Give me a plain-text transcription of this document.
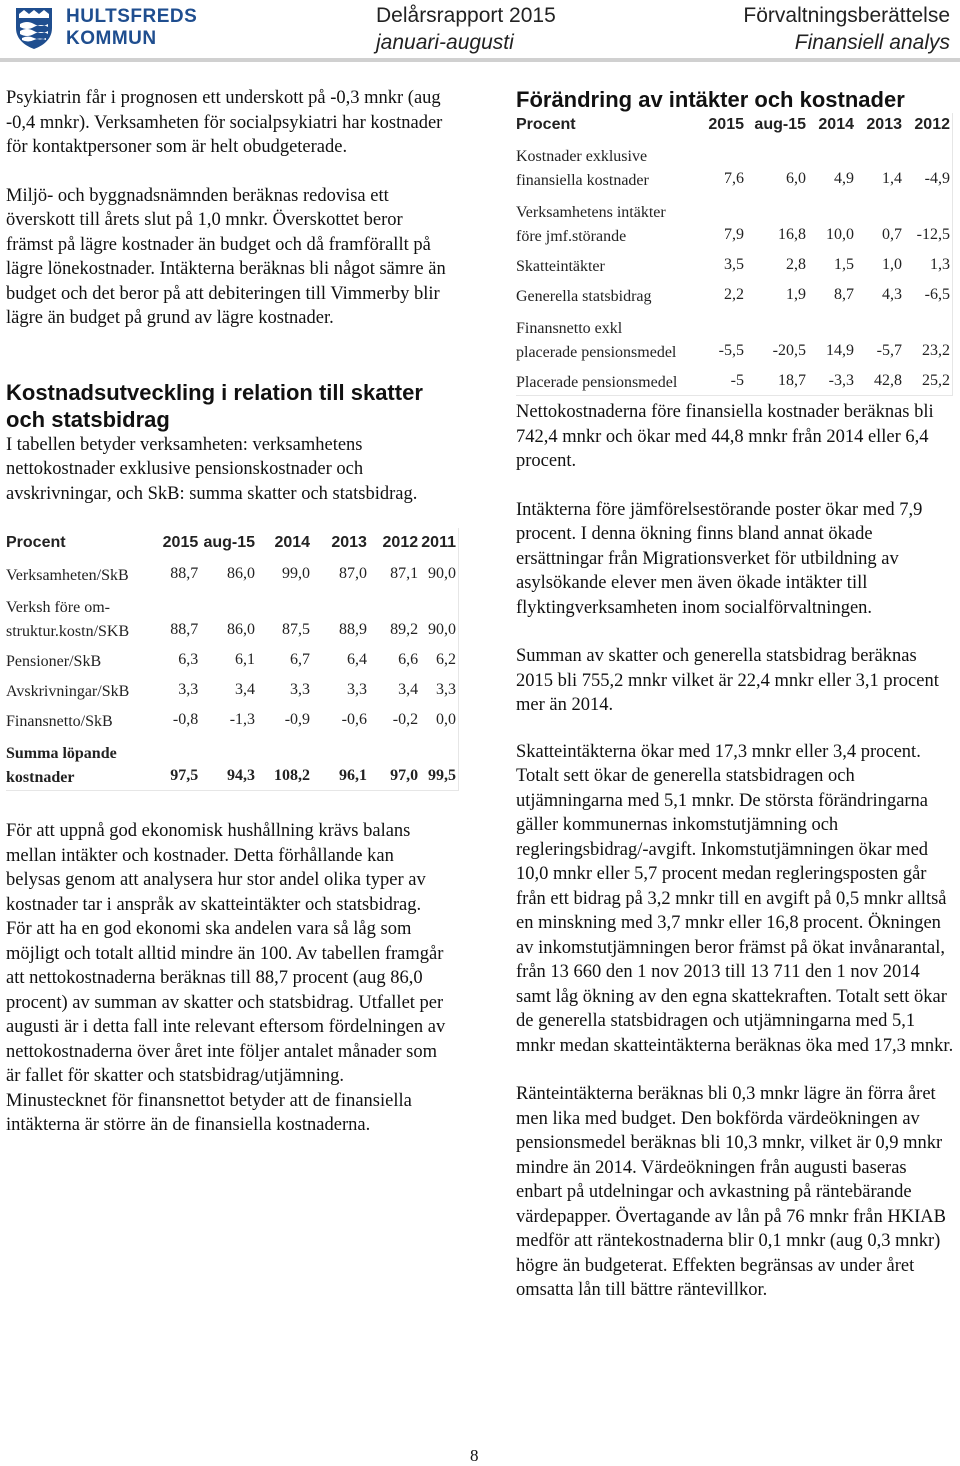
HULTSFREDS
KOMMUN
Delårsrapport 2015
januari-augusti
Förvaltningsberättelse
Finansiell analys

Psykiatrin får i prognosen ett underskott på -0,3 mnkr (aug -0,4 mnkr). Verksamheten för socialpsykiatri har kostnader för kontaktpersoner som är helt obudgeterade.

Miljö- och byggnadsnämnden beräknas redovisa ett överskott till årets slut på 1,0 mnkr. Överskottet beror främst på lägre kostnader än budget och då framförallt på lägre lönekostnader. Intäkterna beräknas bli något sämre än budget och det beror på att debiteringen till Vimmerby blir lägre än budget på grund av lägre kostnader.

Kostnadsutveckling i relation till skatter och statsbidrag

I tabellen betyder verksamheten: verksamhetens nettokostnader exklusive pensionskostnader och avskrivningar, och SkB: summa skatter och statsbidrag.

Procent	2015	aug-15	2014	2013	2012	2011

Verksamheten/SkB	88,7	86,0	99,0	87,0	87,1	90,0

Verksh före om-
struktur.kostn/SKB	88,7	86,0	87,5	88,9	89,2	90,0

Pensioner/SkB	6,3	6,1	6,7	6,4	6,6	6,2

Avskrivningar/SkB	3,3	3,4	3,3	3,3	3,4	3,3

Finansnetto/SkB	-0,8	-1,3	-0,9	-0,6	-0,2	0,0

Summa löpande
kostnader	97,5	94,3	108,2	96,1	97,0	99,5

För att uppnå god ekonomisk hushållning krävs balans mellan intäkter och kostnader. Detta förhållande kan belysas genom att analysera hur stor andel olika typer av kostnader tar i anspråk av skatteintäkter och statsbidrag. För att ha en god ekonomi ska andelen vara så låg som möjligt och totalt alltid mindre än 100. Av tabellen framgår att nettokostnaderna beräknas till 88,7 procent (aug 86,0 procent) av summan av skatter och statsbidrag. Utfallet per augusti är i detta fall inte relevant eftersom fördelningen av nettokostnaderna över året inte följer antalet månader som är fallet för skatter och statsbidrag/utjämning. Minustecknet för finansnettot betyder att de finansiella intäkterna är större än de finansiella kostnaderna.

Förändring av intäkter och kostnader
Procent	2015	aug-15	2014	2013	2012

Kostnader exklusive
finansiella kostnader	7,6	6,0	4,9	1,4	-4,9

Verksamhetens intäkter
före jmf.störande	7,9	16,8	10,0	0,7	-12,5

Skatteintäkter	3,5	2,8	1,5	1,0	1,3

Generella statsbidrag	2,2	1,9	8,7	4,3	-6,5

Finansnetto exkl
placerade pensionsmedel	-5,5	-20,5	14,9	-5,7	23,2

Placerade pensionsmedel	-5	18,7	-3,3	42,8	25,2

Nettokostnaderna före finansiella kostnader beräknas bli 742,4 mnkr och ökar med 44,8 mnkr från 2014 eller 6,4 procent.

Intäkterna före jämförelsestörande poster ökar med 7,9 procent. I denna ökning finns bland annat ökade ersättningar från Migrationsverket för utbildning av asylsökande elever men även ökade intäkter till flyktingverksamheten inom socialförvaltningen.

Summan av skatter och generella statsbidrag beräknas 2015 bli 755,2 mnkr vilket är 22,4 mnkr eller 3,1 procent mer än 2014.

Skatteintäkterna ökar med 17,3 mnkr eller 3,4 procent. Totalt sett ökar de generella statsbidragen och utjämningarna med 5,1 mnkr. De största förändringarna gäller kommunernas inkomstutjämning och regleringsbidrag/-avgift. Inkomstutjämningen ökar med 10,0 mnkr eller 5,7 procent medan regleringsposten går från ett bidrag på 3,2 mnkr till en avgift på 0,5 mnkr alltså en minskning med 3,7 mnkr eller 16,8 procent. Ökningen av inkomstutjämningen beror främst på ökat invånarantal, från 13 660 den 1 nov 2013 till 13 711 den 1 nov 2014 samt låg ökning av den egna skattekraften. Totalt sett ökar de generella statsbidragen och utjämningarna med 5,1 mnkr medan skatteintäkterna beräknas öka med 17,3 mnkr.

Ränteintäkterna beräknas bli 0,3 mnkr lägre än förra året men lika med budget. Den bokförda värdeökningen av pensionsmedel beräknas bli 10,3 mnkr, vilket är 0,9 mnkr mindre än 2014. Värdeökningen från augusti baseras enbart på utdelningar och avkastning på räntebärande värdepapper. Övertagande av lån på 76 mnkr från HKIAB medför att räntekostnaderna blir 0,1 mnkr (aug 0,3 mnkr) högre än budgeterat. Effekten begränsas av under året omsatta lån till bättre räntevillkor.

8
